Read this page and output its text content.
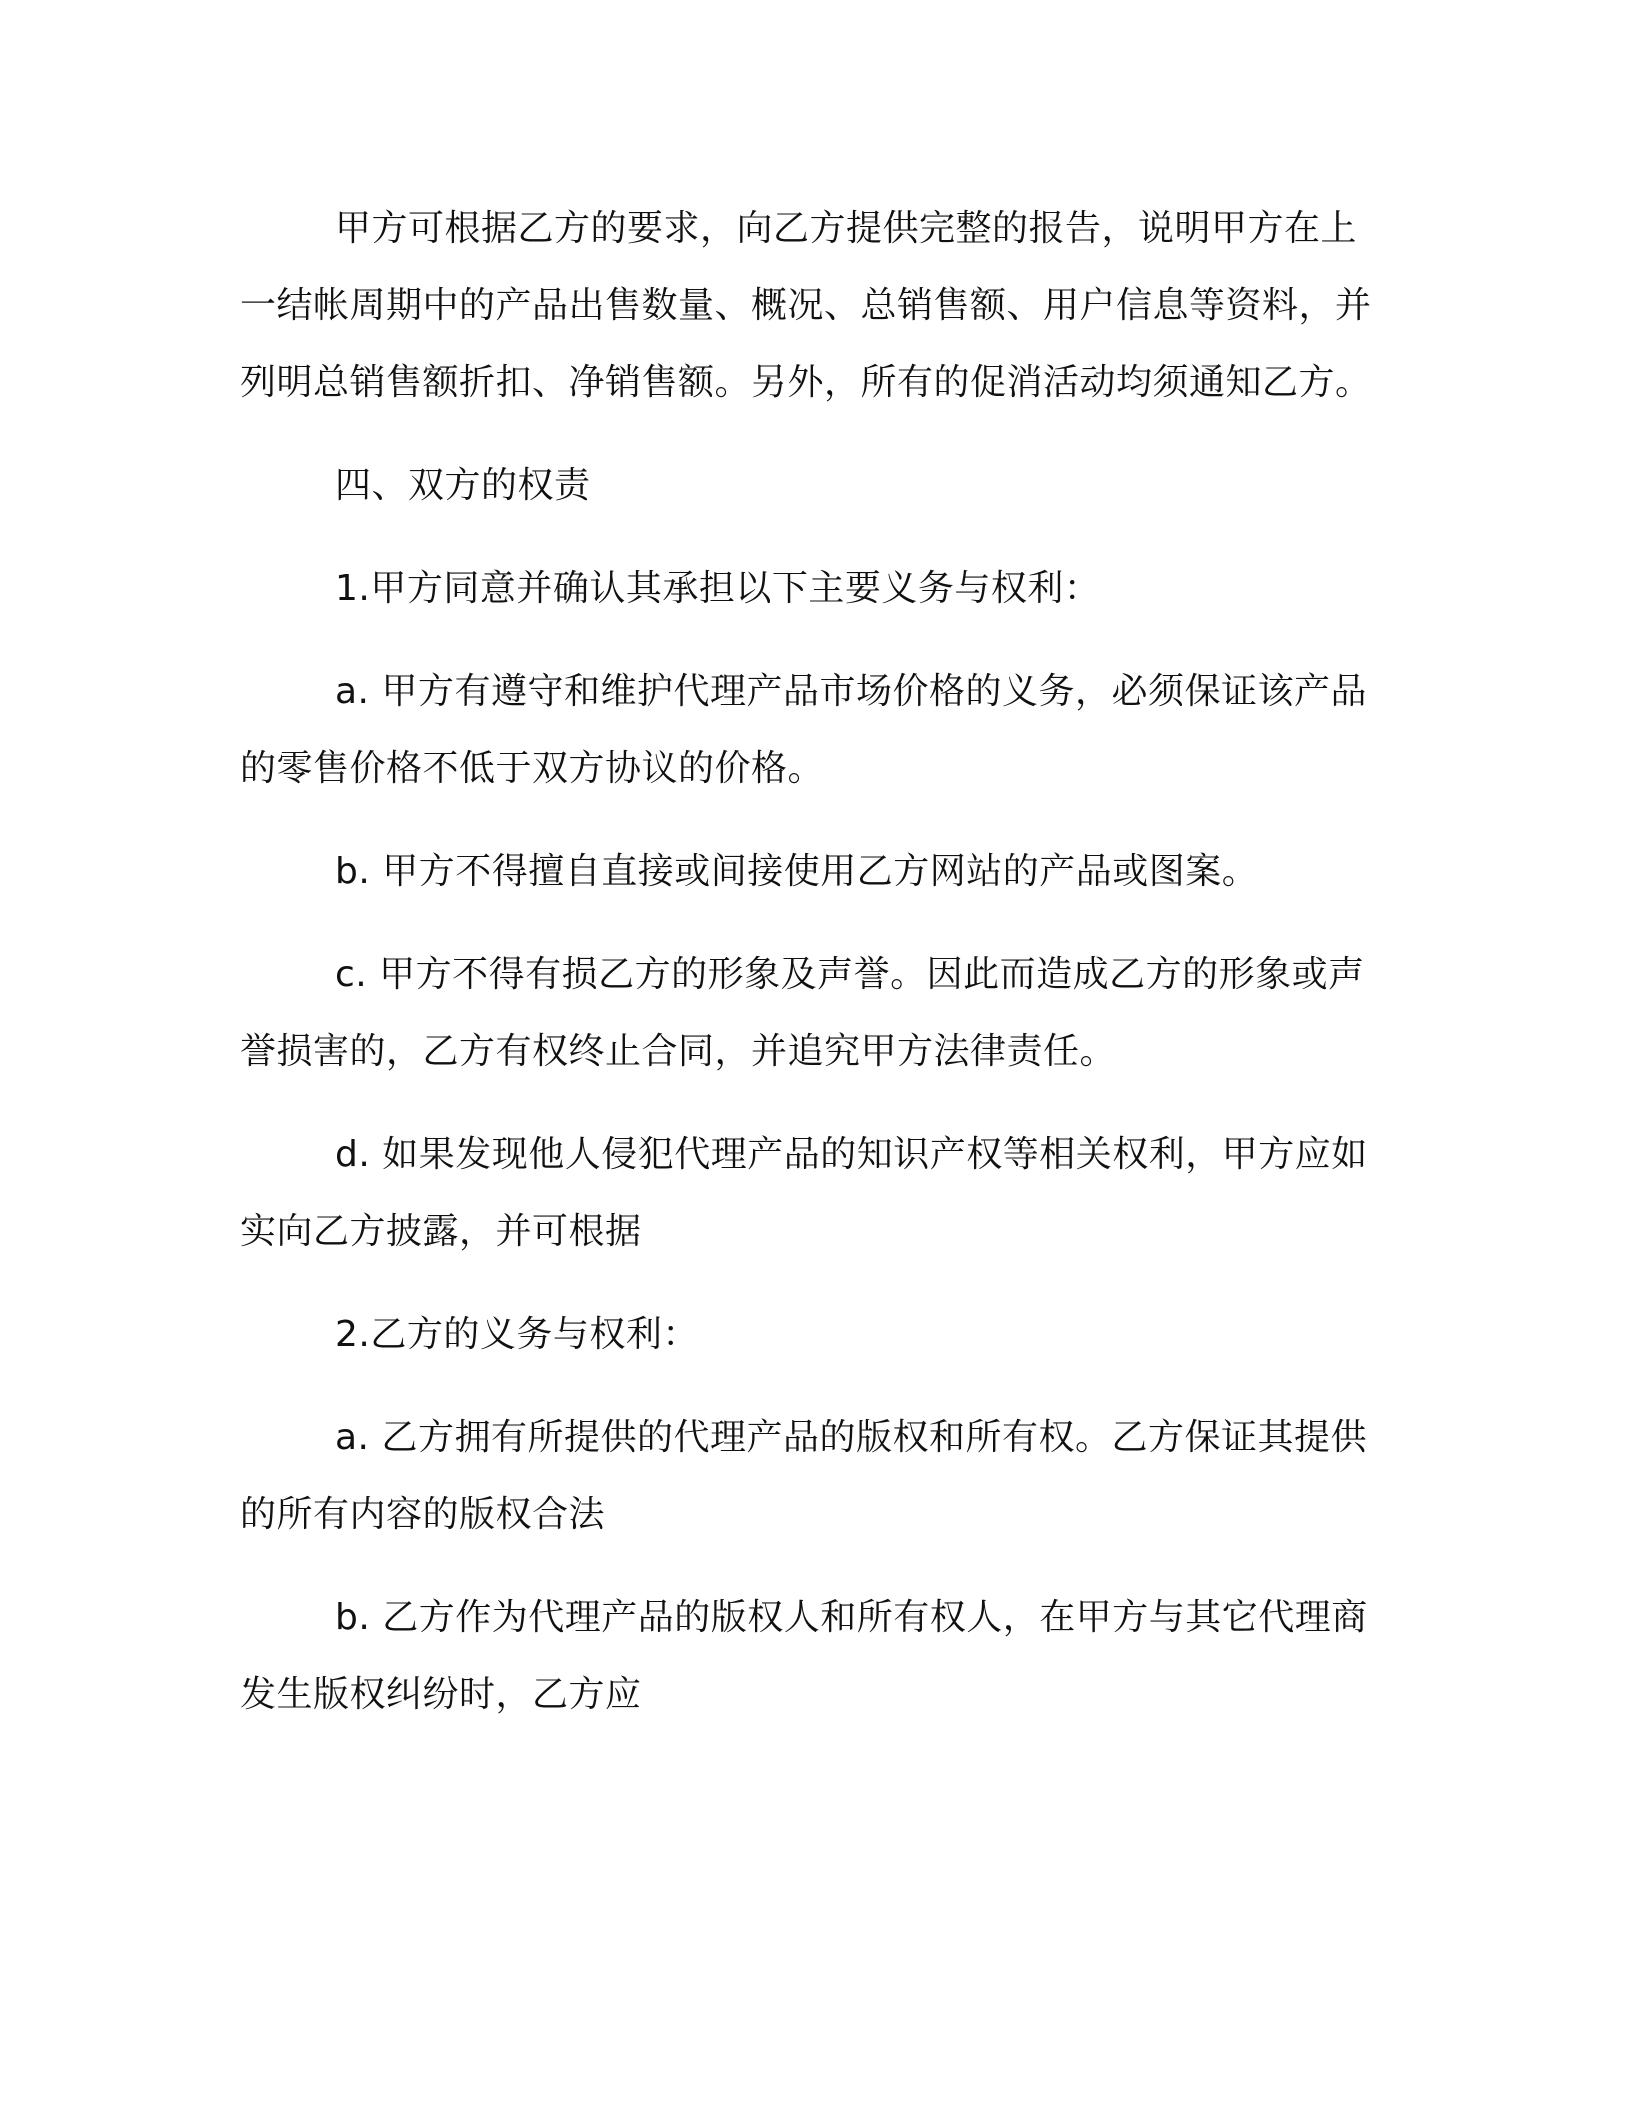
甲方可根据乙方的要求，向乙方提供完整的报告，说明甲方在上一结帐周期中的产品出售数量、概况、总销售额、用户信息等资料，并列明总销售额折扣、净销售额。另外，所有的促消活动均须通知乙方。

四、双方的权责

1.甲方同意并确认其承担以下主要义务与权利：

a. 甲方有遵守和维护代理产品市场价格的义务，必须保证该产品的零售价格不低于双方协议的价格。

b. 甲方不得擅自直接或间接使用乙方网站的产品或图案。

c. 甲方不得有损乙方的形象及声誉。因此而造成乙方的形象或声誉损害的，乙方有权终止合同，并追究甲方法律责任。

d. 如果发现他人侵犯代理产品的知识产权等相关权利，甲方应如实向乙方披露，并可根据

2.乙方的义务与权利：

a. 乙方拥有所提供的代理产品的版权和所有权。乙方保证其提供的所有内容的版权合法

b. 乙方作为代理产品的版权人和所有权人，在甲方与其它代理商发生版权纠纷时，乙方应
